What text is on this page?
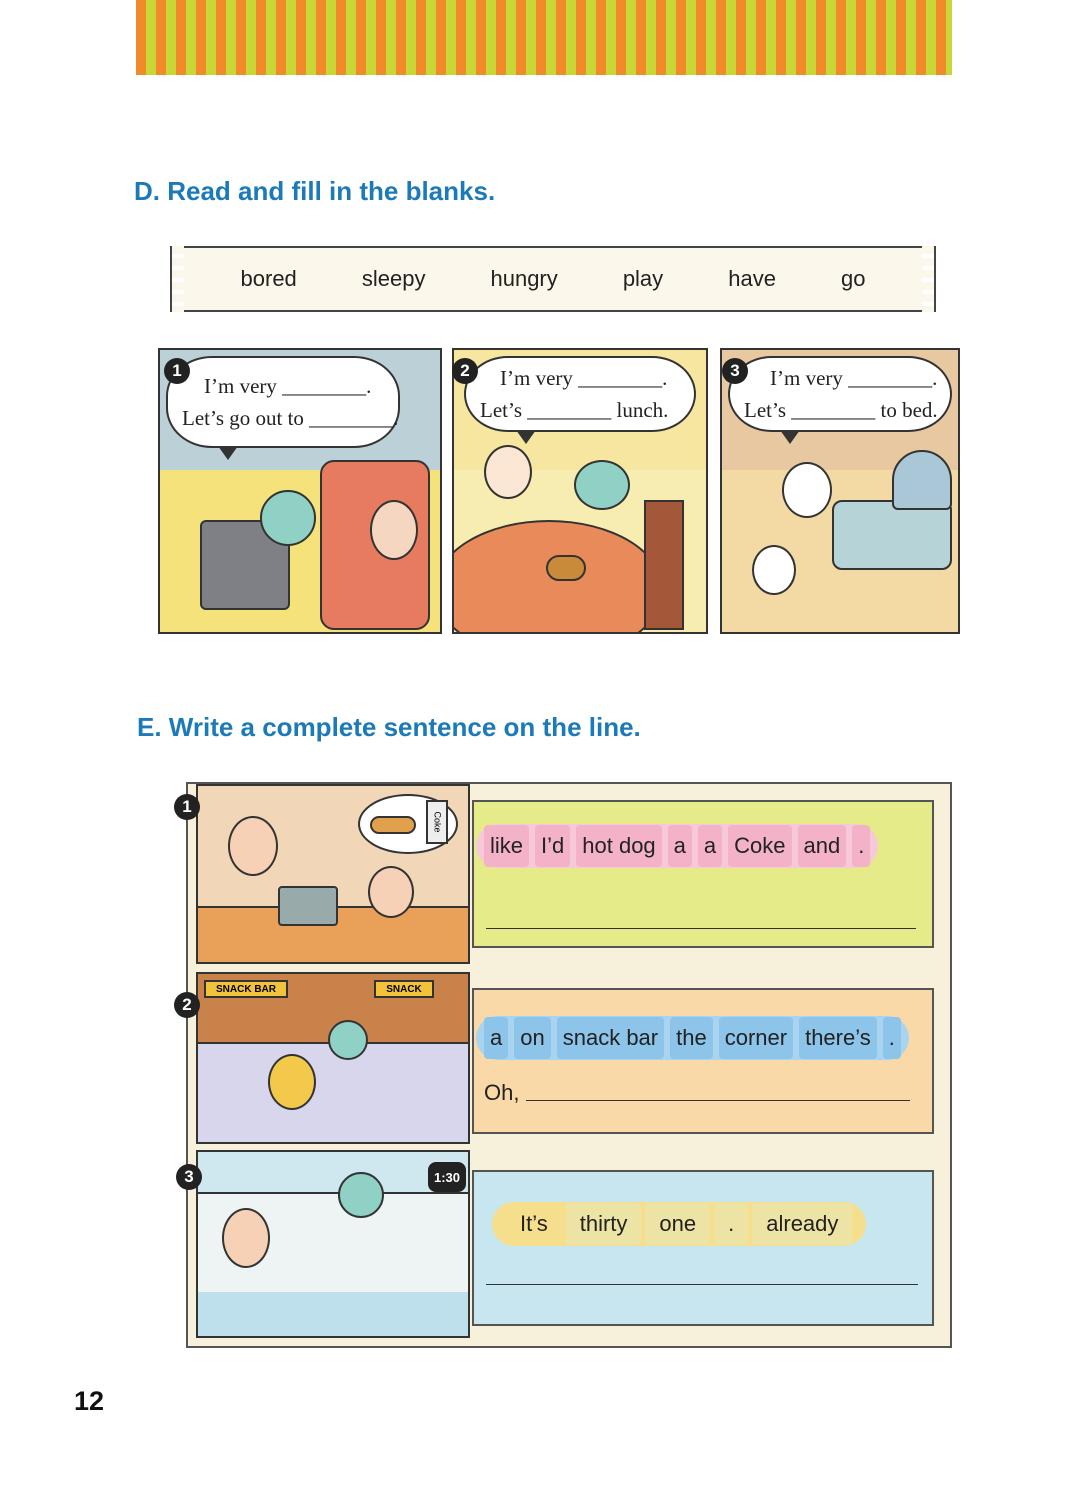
D. Read and fill in the blanks.
bored	sleepy	hungry	play	have	go
1
I’m very ________.
Let’s go out to ________.
2	I’m very ________.
Let’s ________ lunch.
3	I’m very ________.
Let’s ________ to bed.
E. Write a complete sentence on the line.
1
Coke
like I’d hot dog a a Coke and .
2
SNACK BAR	SNACK
a on snack bar the corner there’s .
Oh,
3	1:30
It’s	thirty	one	.	already
12
